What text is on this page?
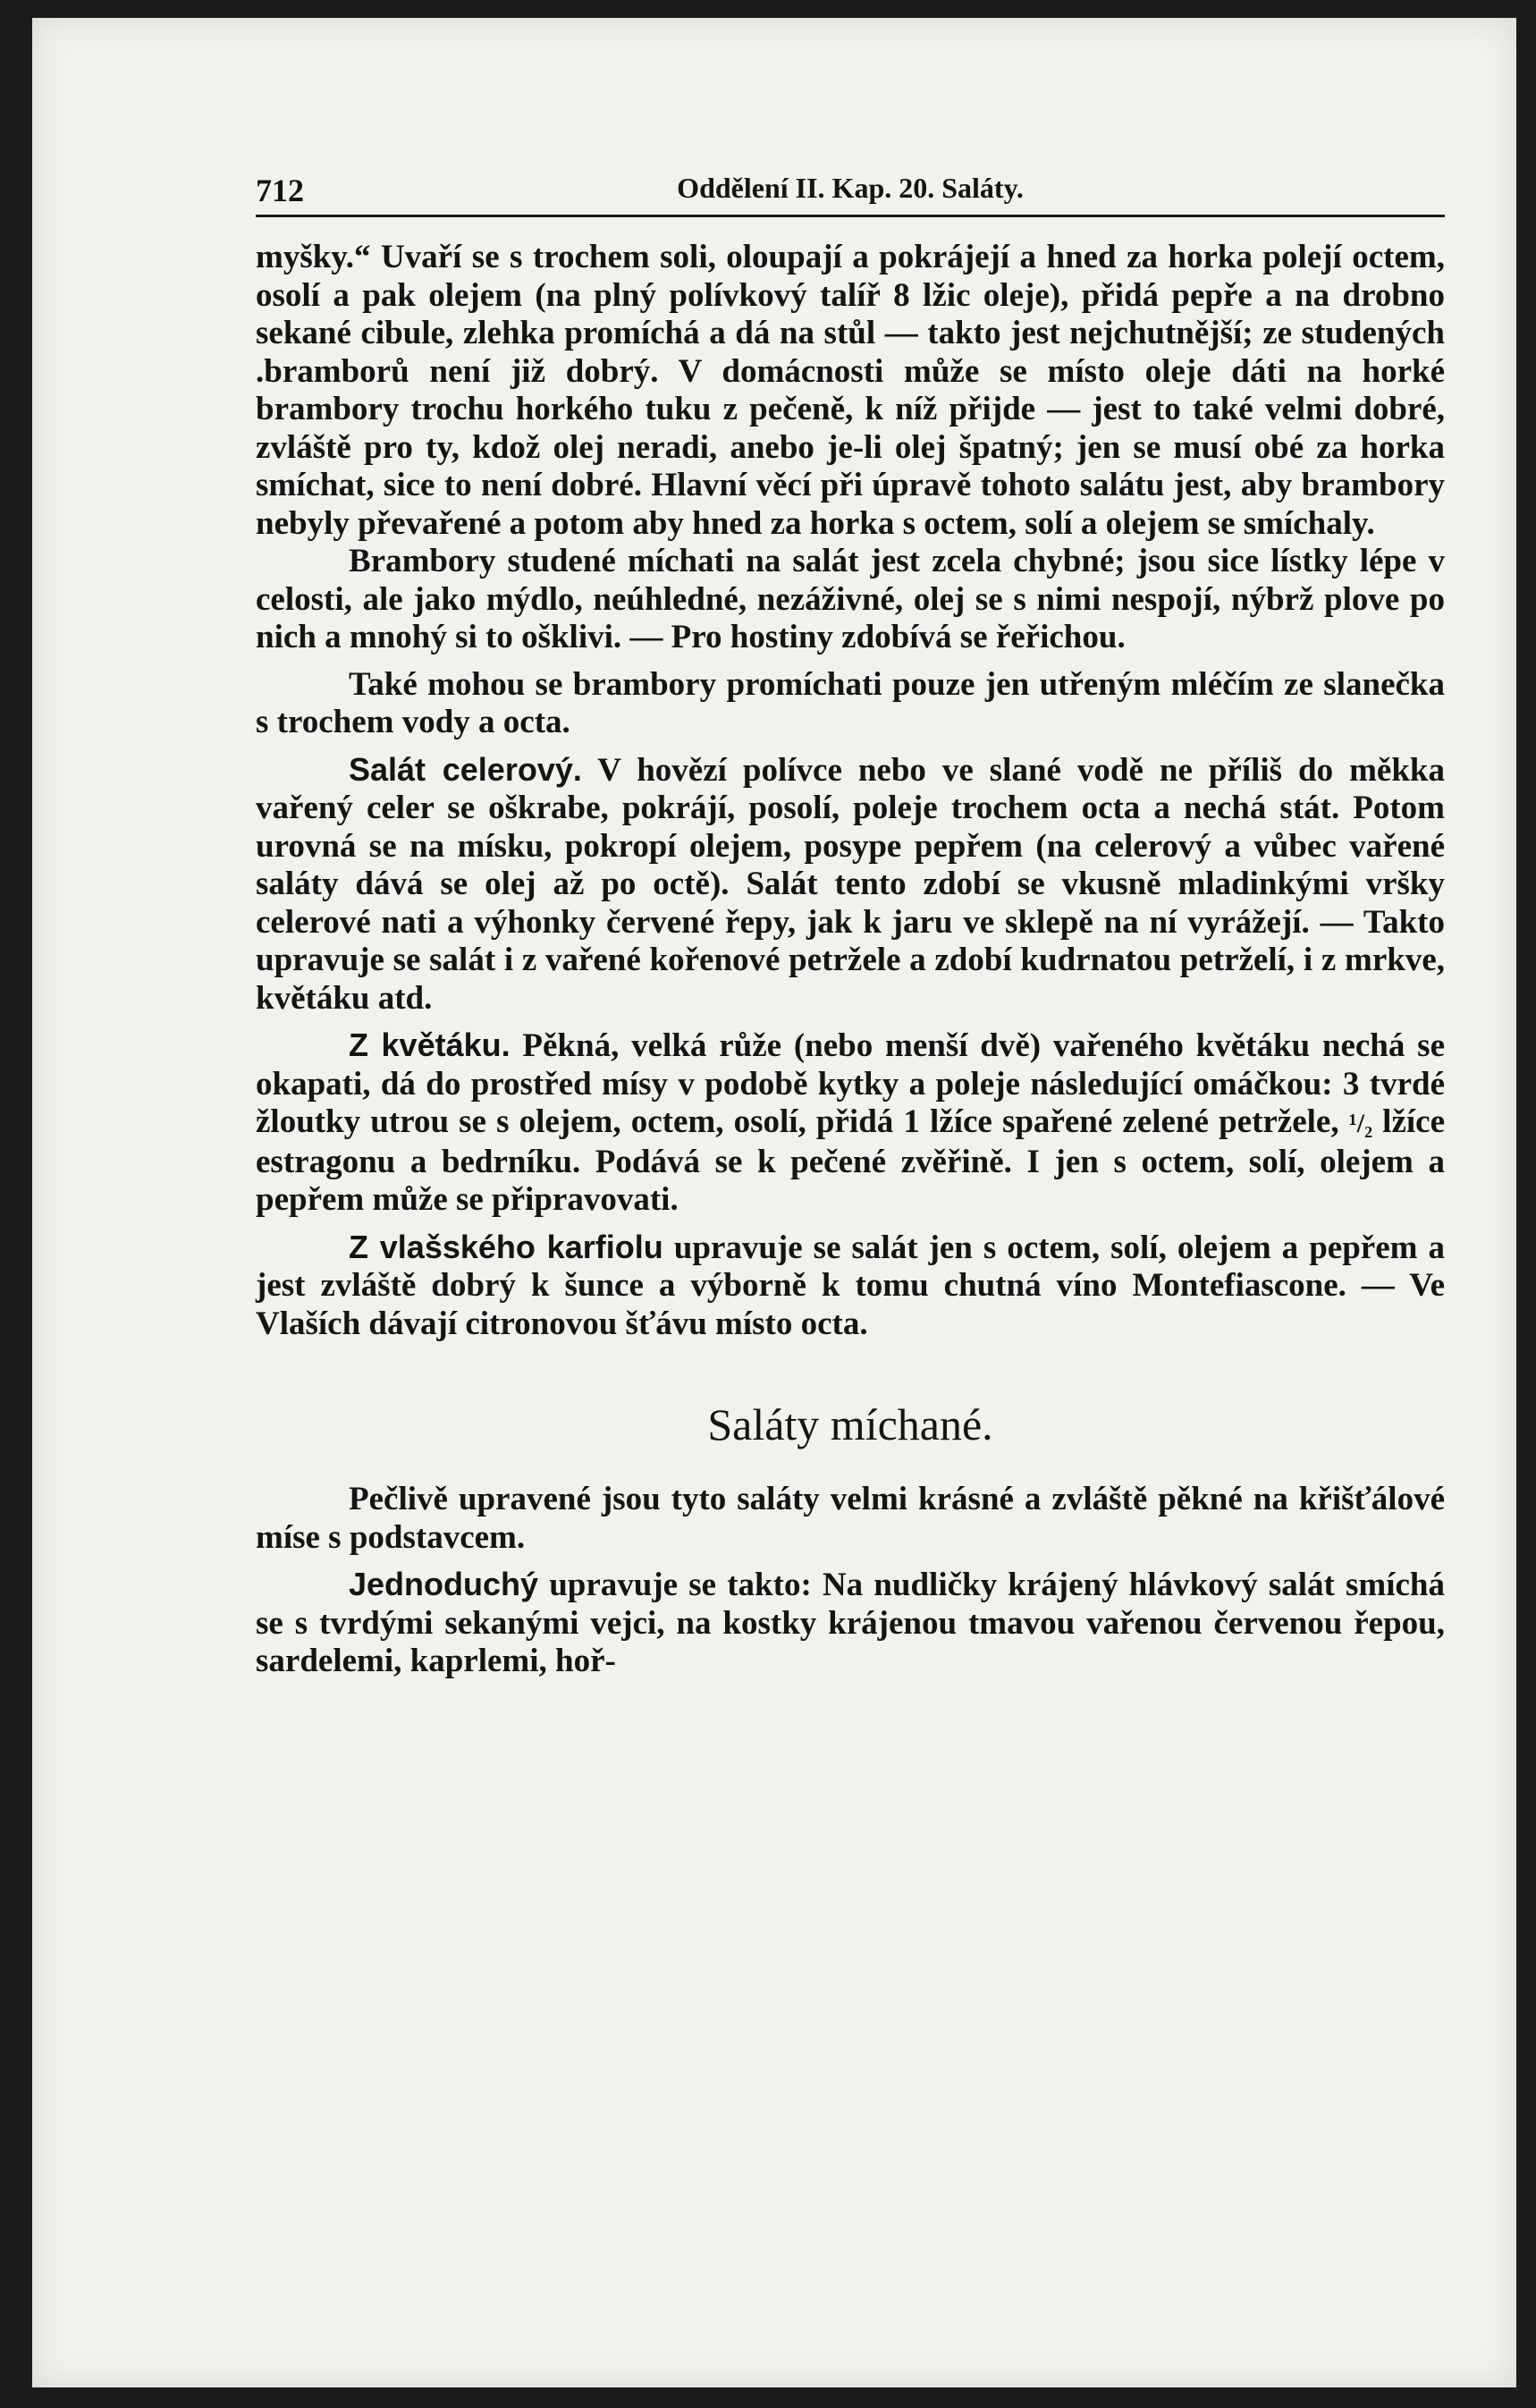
712	Oddělení II. Kap. 20. Saláty.

myšky.“ Uvaří se s trochem soli, oloupají a pokrájejí a hned za horka polejí octem, osolí a pak olejem (na plný polívkový talíř 8 lžic oleje), přidá pepře a na drobno sekané cibule, zlehka promíchá a dá na stůl — takto jest nejchutnější; ze studených .bramborů není již dobrý. V domácnosti může se místo oleje dáti na horké brambory trochu horkého tuku z pečeně, k níž přijde — jest to také velmi dobré, zvláště pro ty, kdož olej neradi, anebo je-li olej špatný; jen se musí obé za horka smíchat, sice to není dobré. Hlavní věcí při úpravě tohoto salátu jest, aby brambory nebyly převařené a potom aby hned za horka s octem, solí a olejem se smíchaly.

Brambory studené míchati na salát jest zcela chybné; jsou sice lístky lépe v celosti, ale jako mýdlo, neúhledné, nezáživné, olej se s nimi nespojí, nýbrž plove po nich a mnohý si to ošklivi. — Pro hostiny zdobívá se řeřichou.

Také mohou se brambory promíchati pouze jen utřeným mléčím ze slanečka s trochem vody a octa.

Salát celerový. V hovězí polívce nebo ve slané vodě ne příliš do měkka vařený celer se oškrabe, pokrájí, posolí, poleje trochem octa a nechá stát. Potom urovná se na mísku, pokropí olejem, posype pepřem (na celerový a vůbec vařené saláty dává se olej až po octě). Salát tento zdobí se vkusně mladinkými vršky celerové nati a výhonky červené řepy, jak k jaru ve sklepě na ní vyrážejí. — Takto upravuje se salát i z vařené kořenové petržele a zdobí kudrnatou petrželí, i z mrkve, květáku atd.

Z květáku. Pěkná, velká růže (nebo menší dvě) vařeného květáku nechá se okapati, dá do prostřed mísy v podobě kytky a poleje následující omáčkou: 3 tvrdé žloutky utrou se s olejem, octem, osolí, přidá 1 lžíce spařené zelené petržele, ¹/₂ lžíce estragonu a bedrníku. Podává se k pečené zvěřině. I jen s octem, solí, olejem a pepřem může se připravovati.

Z vlašského karfiolu upravuje se salát jen s octem, solí, olejem a pepřem a jest zvláště dobrý k šunce a výborně k tomu chutná víno Montefiascone. — Ve Vlaších dávají citronovou šťávu místo octa.

Saláty míchané.

Pečlivě upravené jsou tyto saláty velmi krásné a zvláště pěkné na křišťálové míse s podstavcem.

Jednoduchý upravuje se takto: Na nudličky krájený hlávkový salát smíchá se s tvrdými sekanými vejci, na kostky krájenou tmavou vařenou červenou řepou, sardelemi, kaprlemi, hoř-
